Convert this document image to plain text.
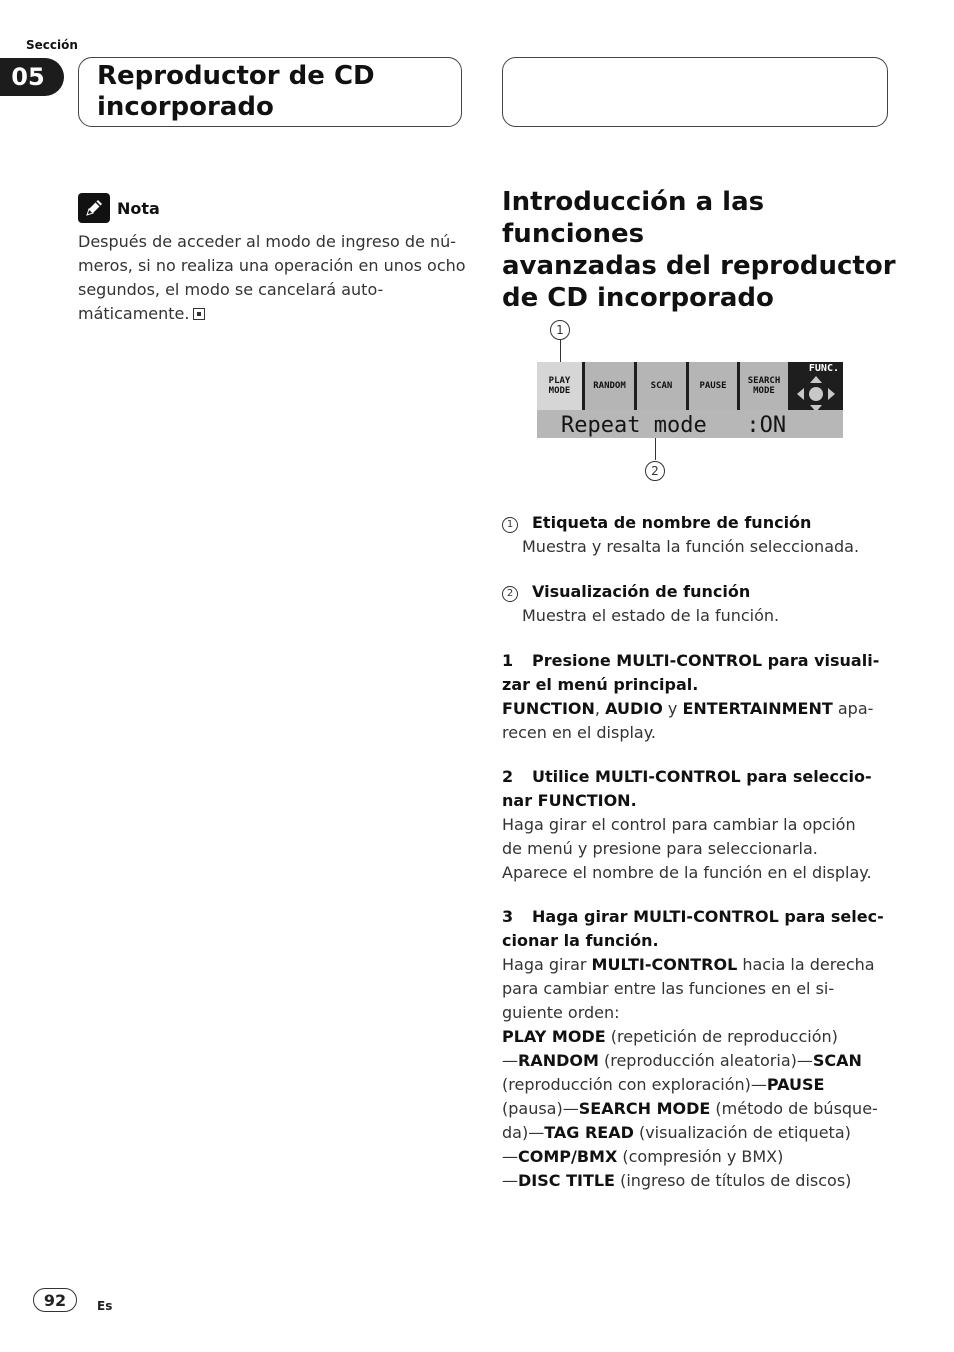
Sección
05	Reproductor de CD
incorporado
Nota
Después de acceder al modo de ingreso de nú-
meros, si no realiza una operación en unos ocho
segundos, el modo se cancelará auto-
máticamente.
Introducción a las funciones
avanzadas del reproductor
de CD incorporado
1
PLAY
MODE	RANDOM	SCAN	PAUSE SEARCH
MODE
FUNC.
Repeat mode   :ON
2
1 Etiqueta de nombre de función
Muestra y resalta la función seleccionada.
2 Visualización de función
Muestra el estado de la función.
1 Presione MULTI-CONTROL para visuali-
zar el menú principal.
FUNCTION, AUDIO y ENTERTAINMENT apa-
recen en el display.
2 Utilice MULTI-CONTROL para seleccio-
nar FUNCTION.
Haga girar el control para cambiar la opción
de menú y presione para seleccionarla.
Aparece el nombre de la función en el display.
3 Haga girar MULTI-CONTROL para selec-
cionar la función.
Haga girar MULTI-CONTROL hacia la derecha
para cambiar entre las funciones en el si-
guiente orden:
PLAY MODE (repetición de reproducción)
—RANDOM (reproducción aleatoria)—SCAN
(reproducción con exploración)—PAUSE
(pausa)—SEARCH MODE (método de búsque-
da)—TAG READ (visualización de etiqueta)
—COMP/BMX (compresión y BMX)
—DISC TITLE (ingreso de títulos de discos)
92	Es
